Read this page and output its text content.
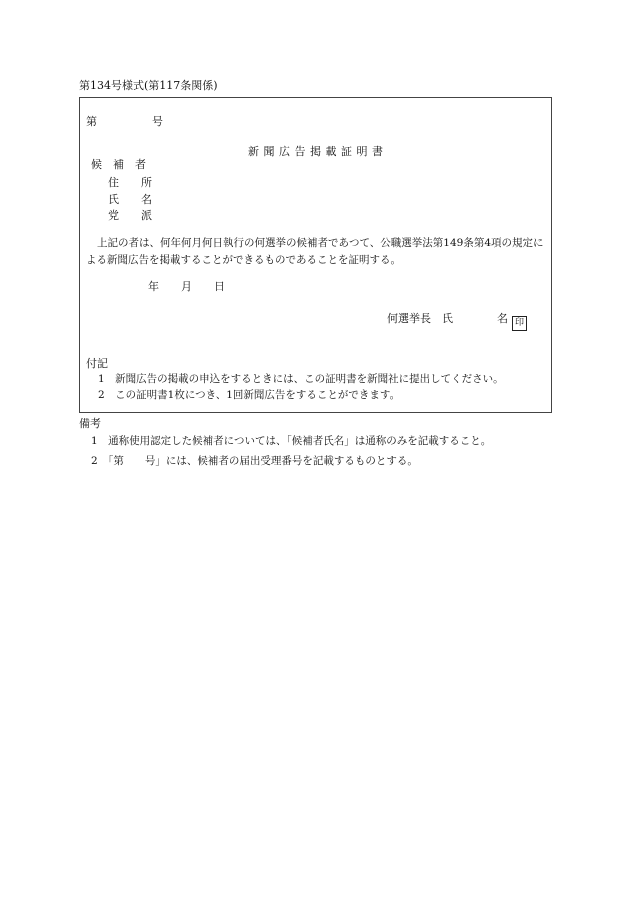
第134号様式(第117条関係)
第　　　　　号
新聞広告掲載証明書
候　補　者
住　　所
氏　　名
党　　派
上記の者は、何年何月何日執行の何選挙の候補者であつて、公職選挙法第149条第4項の規定による新聞広告を掲載することができるものであることを証明する。
年　　月　　日
何選挙長　氏　　　　名 印
付記
1　新聞広告の掲載の申込をするときには、この証明書を新聞社に提出してください。
2　この証明書1枚につき、1回新聞広告をすることができます。
備考
1　通称使用認定した候補者については、「候補者氏名」は通称のみを記載すること。
2　「第　　号」には、候補者の届出受理番号を記載するものとする。
